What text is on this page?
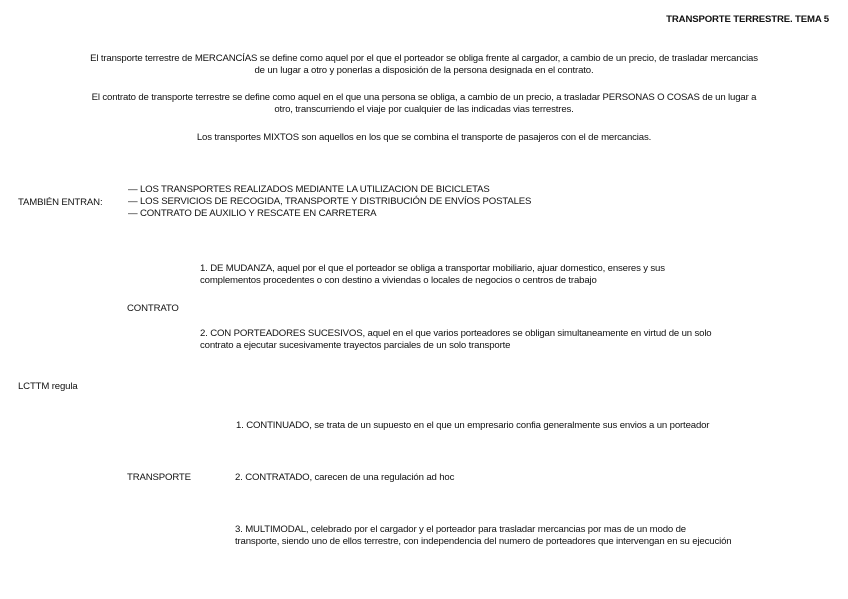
TRANSPORTE TERRESTRE. TEMA 5
El transporte terrestre de MERCANCÍAS se define como aquel por el que el porteador se obliga frente al cargador, a cambio de un precio, de trasladar mercancias
de un lugar a otro y ponerlas a disposición de la persona designada en el contrato.
El contrato de transporte terrestre se define como aquel en el que una persona se obliga, a cambio de un precio, a trasladar PERSONAS O COSAS de un lugar a
otro, transcurriendo el viaje por cualquier de las indicadas vias terrestres.
Los transportes MIXTOS son aquellos en los que se combina el transporte de pasajeros con el de mercancias.
TAMBIÉN ENTRAN:
— LOS TRANSPORTES REALIZADOS MEDIANTE LA UTILIZACION DE BICICLETAS
— LOS SERVICIOS DE RECOGIDA, TRANSPORTE Y DISTRIBUCIÓN DE ENVÍOS POSTALES
— CONTRATO DE AUXILIO Y RESCATE EN CARRETERA
1. DE MUDANZA, aquel por el que el porteador se obliga a transportar mobiliario, ajuar domestico, enseres y sus
complementos procedentes o con destino a viviendas o locales de negocios o centros de trabajo
CONTRATO
2. CON PORTEADORES SUCESIVOS, aquel en el que varios porteadores se obligan simultaneamente en virtud de un solo
contrato a ejecutar sucesivamente trayectos parciales de un solo transporte
LCTTM regula
1. CONTINUADO, se trata de un supuesto en el que un empresario confia generalmente sus envios a un porteador
TRANSPORTE	2. CONTRATADO, carecen de una regulación ad hoc
3. MULTIMODAL, celebrado por el cargador y el porteador para trasladar mercancias por mas de un modo de
transporte, siendo uno de ellos terrestre, con independencia del numero de porteadores que intervengan en su ejecución
